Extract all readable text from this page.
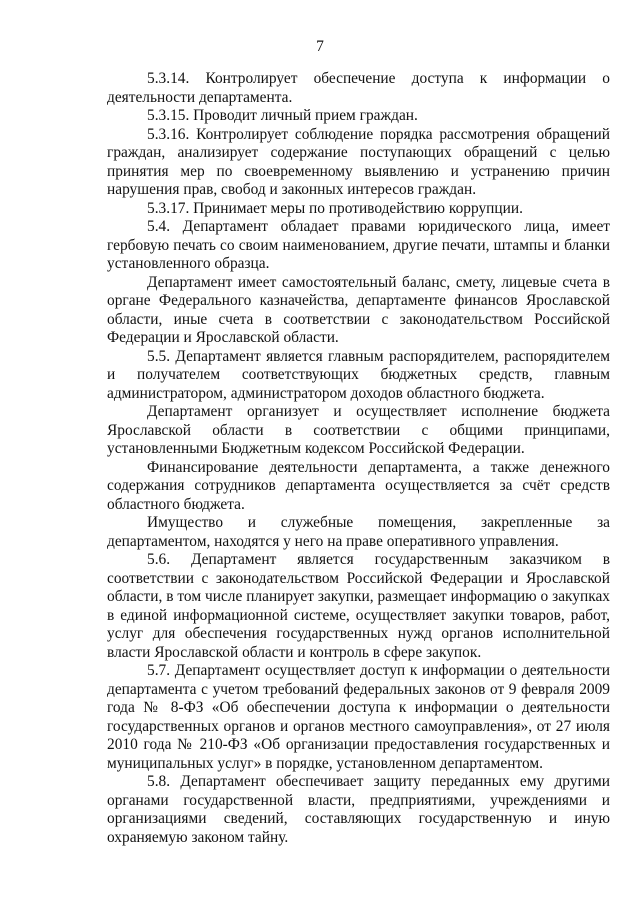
7

5.3.14. Контролирует обеспечение доступа к информации о деятельности департамента.

5.3.15. Проводит личный прием граждан.

5.3.16. Контролирует соблюдение порядка рассмотрения обращений граждан, анализирует содержание поступающих обращений с целью принятия мер по своевременному выявлению и устранению причин нарушения прав, свобод и законных интересов граждан.

5.3.17. Принимает меры по противодействию коррупции.

5.4. Департамент обладает правами юридического лица, имеет гербовую печать со своим наименованием, другие печати, штампы и бланки установленного образца.

Департамент имеет самостоятельный баланс, смету, лицевые счета в органе Федерального казначейства, департаменте финансов Ярославской области, иные счета в соответствии с законодательством Российской Федерации и Ярославской области.

5.5. Департамент является главным распорядителем, распорядителем и получателем соответствующих бюджетных средств, главным администратором, администратором доходов областного бюджета.

Департамент организует и осуществляет исполнение бюджета Ярославской области в соответствии с общими принципами, установленными Бюджетным кодексом Российской Федерации.

Финансирование деятельности департамента, а также денежного содержания сотрудников департамента осуществляется за счёт средств областного бюджета.

Имущество и служебные помещения, закрепленные за департаментом, находятся у него на праве оперативного управления.

5.6. Департамент является государственным заказчиком в соответствии с законодательством Российской Федерации и Ярославской области, в том числе планирует закупки, размещает информацию о закупках в единой информационной системе, осуществляет закупки товаров, работ, услуг для обеспечения государственных нужд органов исполнительной власти Ярославской области и контроль в сфере закупок.

5.7. Департамент осуществляет доступ к информации о деятельности департамента с учетом требований федеральных законов от 9 февраля 2009 года № 8-ФЗ «Об обеспечении доступа к информации о деятельности государственных органов и органов местного самоуправления», от 27 июля 2010 года № 210-ФЗ «Об организации предоставления государственных и муниципальных услуг» в порядке, установленном департаментом.

5.8. Департамент обеспечивает защиту переданных ему другими органами государственной власти, предприятиями, учреждениями и организациями сведений, составляющих государственную и иную охраняемую законом тайну.
